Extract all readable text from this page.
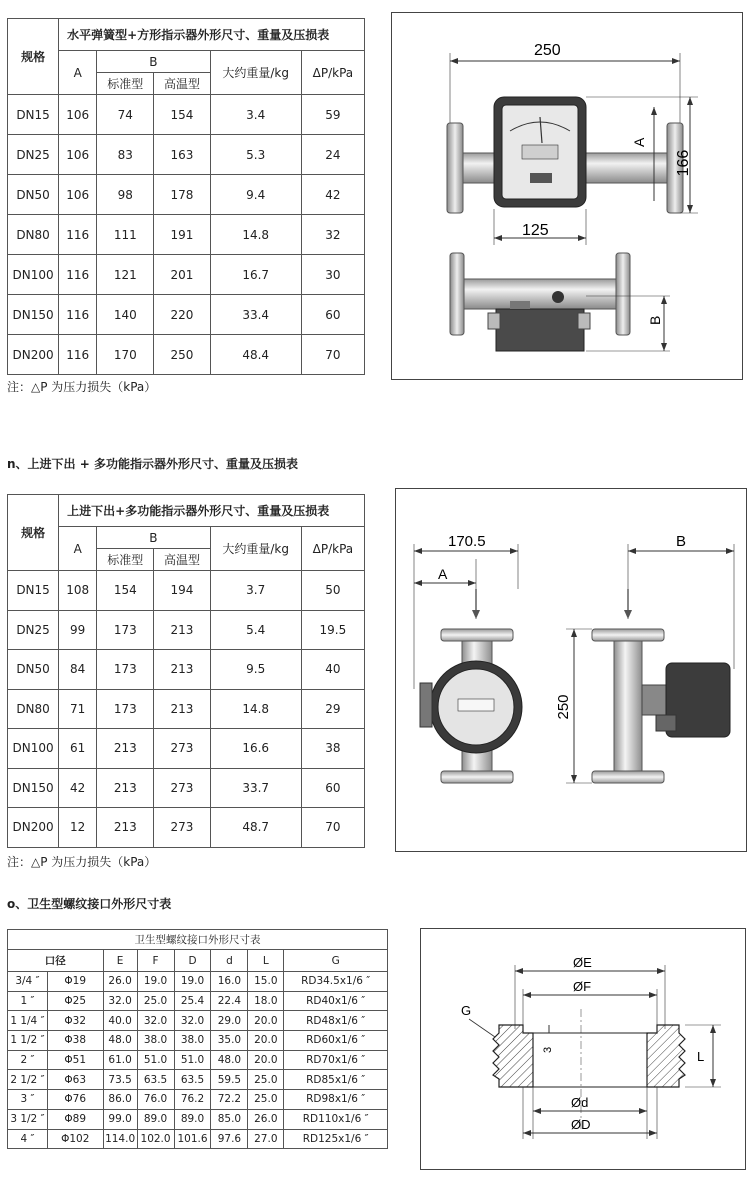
规格	水平弹簧型+方形指示器外形尺寸、重量及压损表				
	A	B		大约重量/kg	ΔP/kPa
		标准型	高温型		
DN15	106	74	154	3.4	59
DN25	106	83	163	5.3	24
DN50	106	98	178	9.4	42
DN80	116	111	191	14.8	32
DN100	116	121	201	16.7	30
DN150	116	140	220	33.4	60
DN200	116	170	250	48.4	70
注：△P 为压力损失（kPa）
250
A
166
125
B
n、上进下出 + 多功能指示器外形尺寸、重量及压损表
规格	上进下出+多功能指示器外形尺寸、重量及压损表				
	A	B		大约重量/kg	ΔP/kPa
		标准型	高温型		
DN15	108	154	194	3.7	50
DN25	99	173	213	5.4	19.5
DN50	84	173	213	9.5	40
DN80	71	173	213	14.8	29
DN100	61	213	273	16.6	38
DN150	42	213	273	33.7	60
DN200	12	213	273	48.7	70
注：△P 为压力损失（kPa）
170.5
A
B
250
o、卫生型螺纹接口外形尺寸表
卫生型螺纹接口外形尺寸表							
口径		E	F	D	d	L	G
3/4 ″	Φ19	26.0	19.0	19.0	16.0	15.0	RD34.5x1/6 ″
1 ″	Φ25	32.0	25.0	25.4	22.4	18.0	RD40x1/6 ″
1 1/4 ″	Φ32	40.0	32.0	32.0	29.0	20.0	RD48x1/6 ″
1 1/2 ″	Φ38	48.0	38.0	38.0	35.0	20.0	RD60x1/6 ″
2 ″	Φ51	61.0	51.0	51.0	48.0	20.0	RD70x1/6 ″
2 1/2 ″	Φ63	73.5	63.5	63.5	59.5	25.0	RD85x1/6 ″
3 ″	Φ76	86.0	76.0	76.2	72.2	25.0	RD98x1/6 ″
3 1/2 ″	Φ89	99.0	89.0	89.0	85.0	26.0	RD110x1/6 ″
4 ″	Φ102	114.0	102.0	101.6	97.6	27.0	RD125x1/6 ″
ØE
ØF
G
3	L
Ød
ØD
